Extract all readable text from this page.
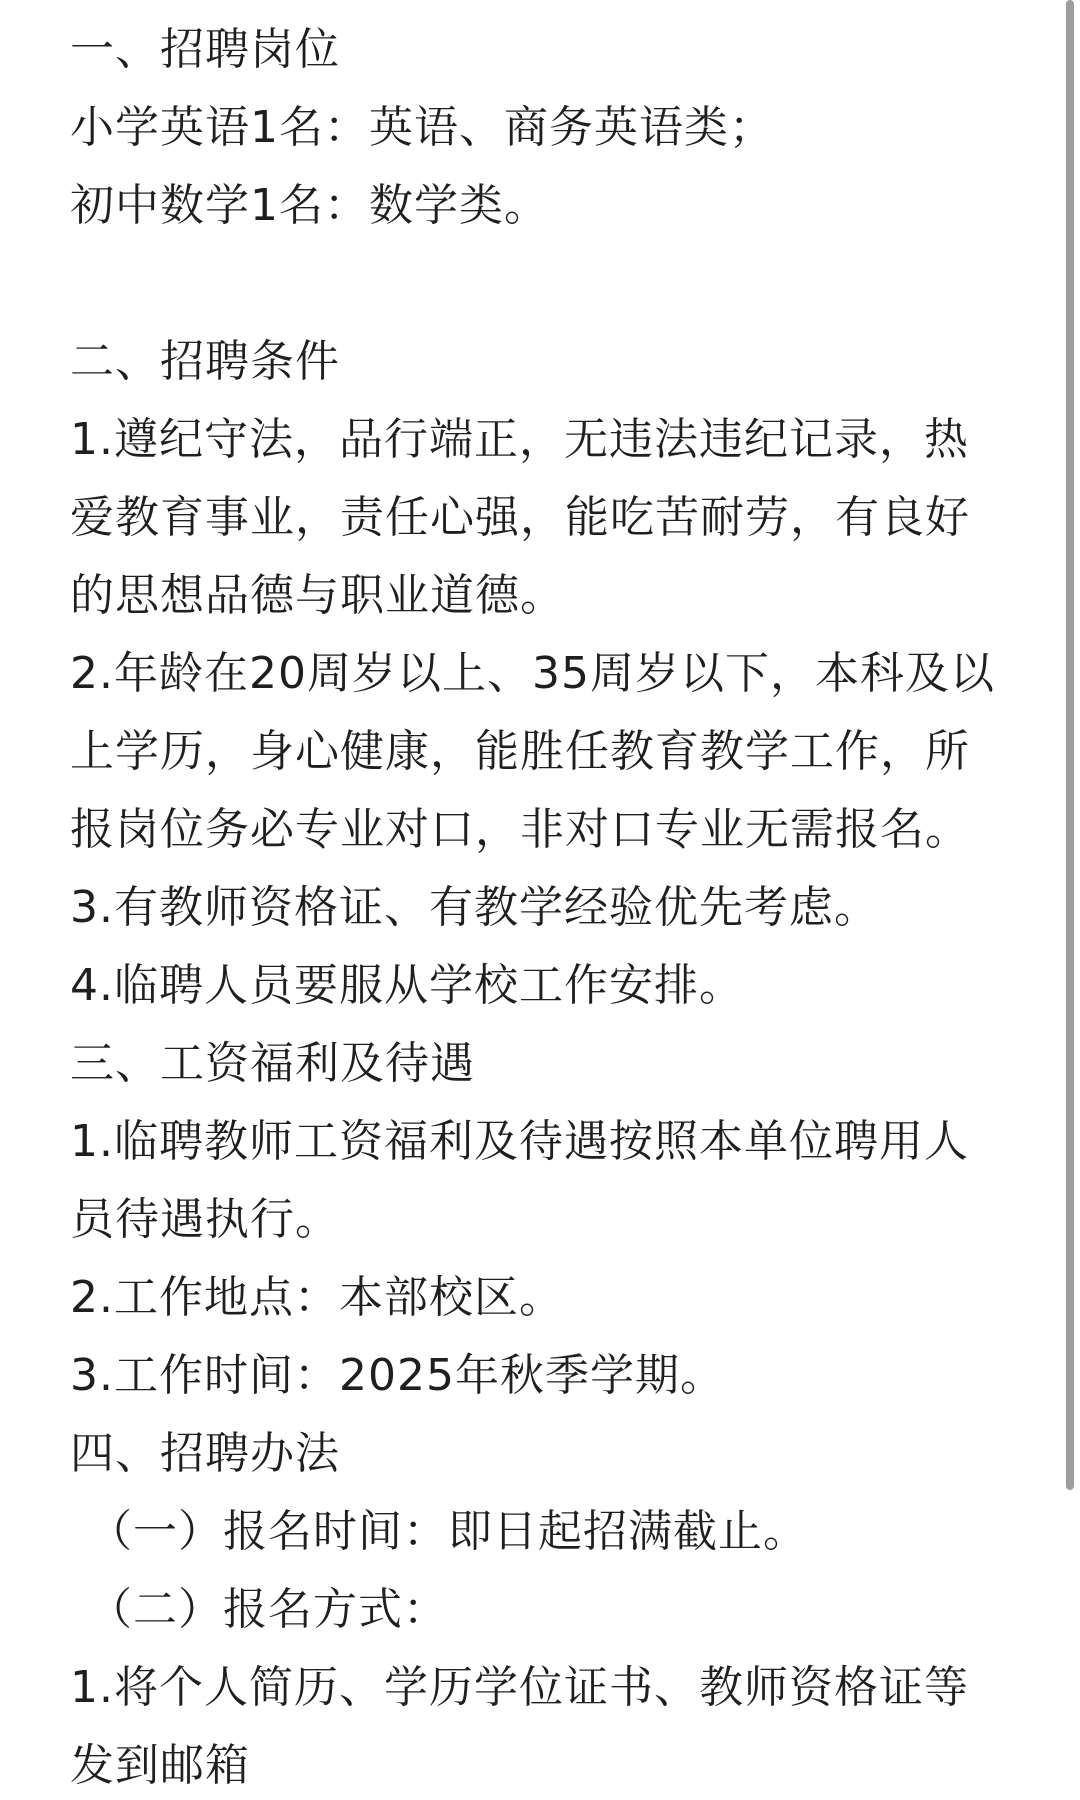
一、招聘岗位
小学英语1名：英语、商务英语类；
初中数学1名：数学类。
二、招聘条件
1.遵纪守法，品行端正，无违法违纪记录，热
爱教育事业，责任心强，能吃苦耐劳，有良好
的思想品德与职业道德。
2.年龄在20周岁以上、35周岁以下，本科及以
上学历，身心健康，能胜任教育教学工作，所
报岗位务必专业对口，非对口专业无需报名。
3.有教师资格证、有教学经验优先考虑。
4.临聘人员要服从学校工作安排。
三、工资福利及待遇
1.临聘教师工资福利及待遇按照本单位聘用人
员待遇执行。
2.工作地点：本部校区。
3.工作时间：2025年秋季学期。
四、招聘办法
（一）报名时间：即日起招满截止。
（二）报名方式：
1.将个人简历、学历学位证书、教师资格证等
发到邮箱
